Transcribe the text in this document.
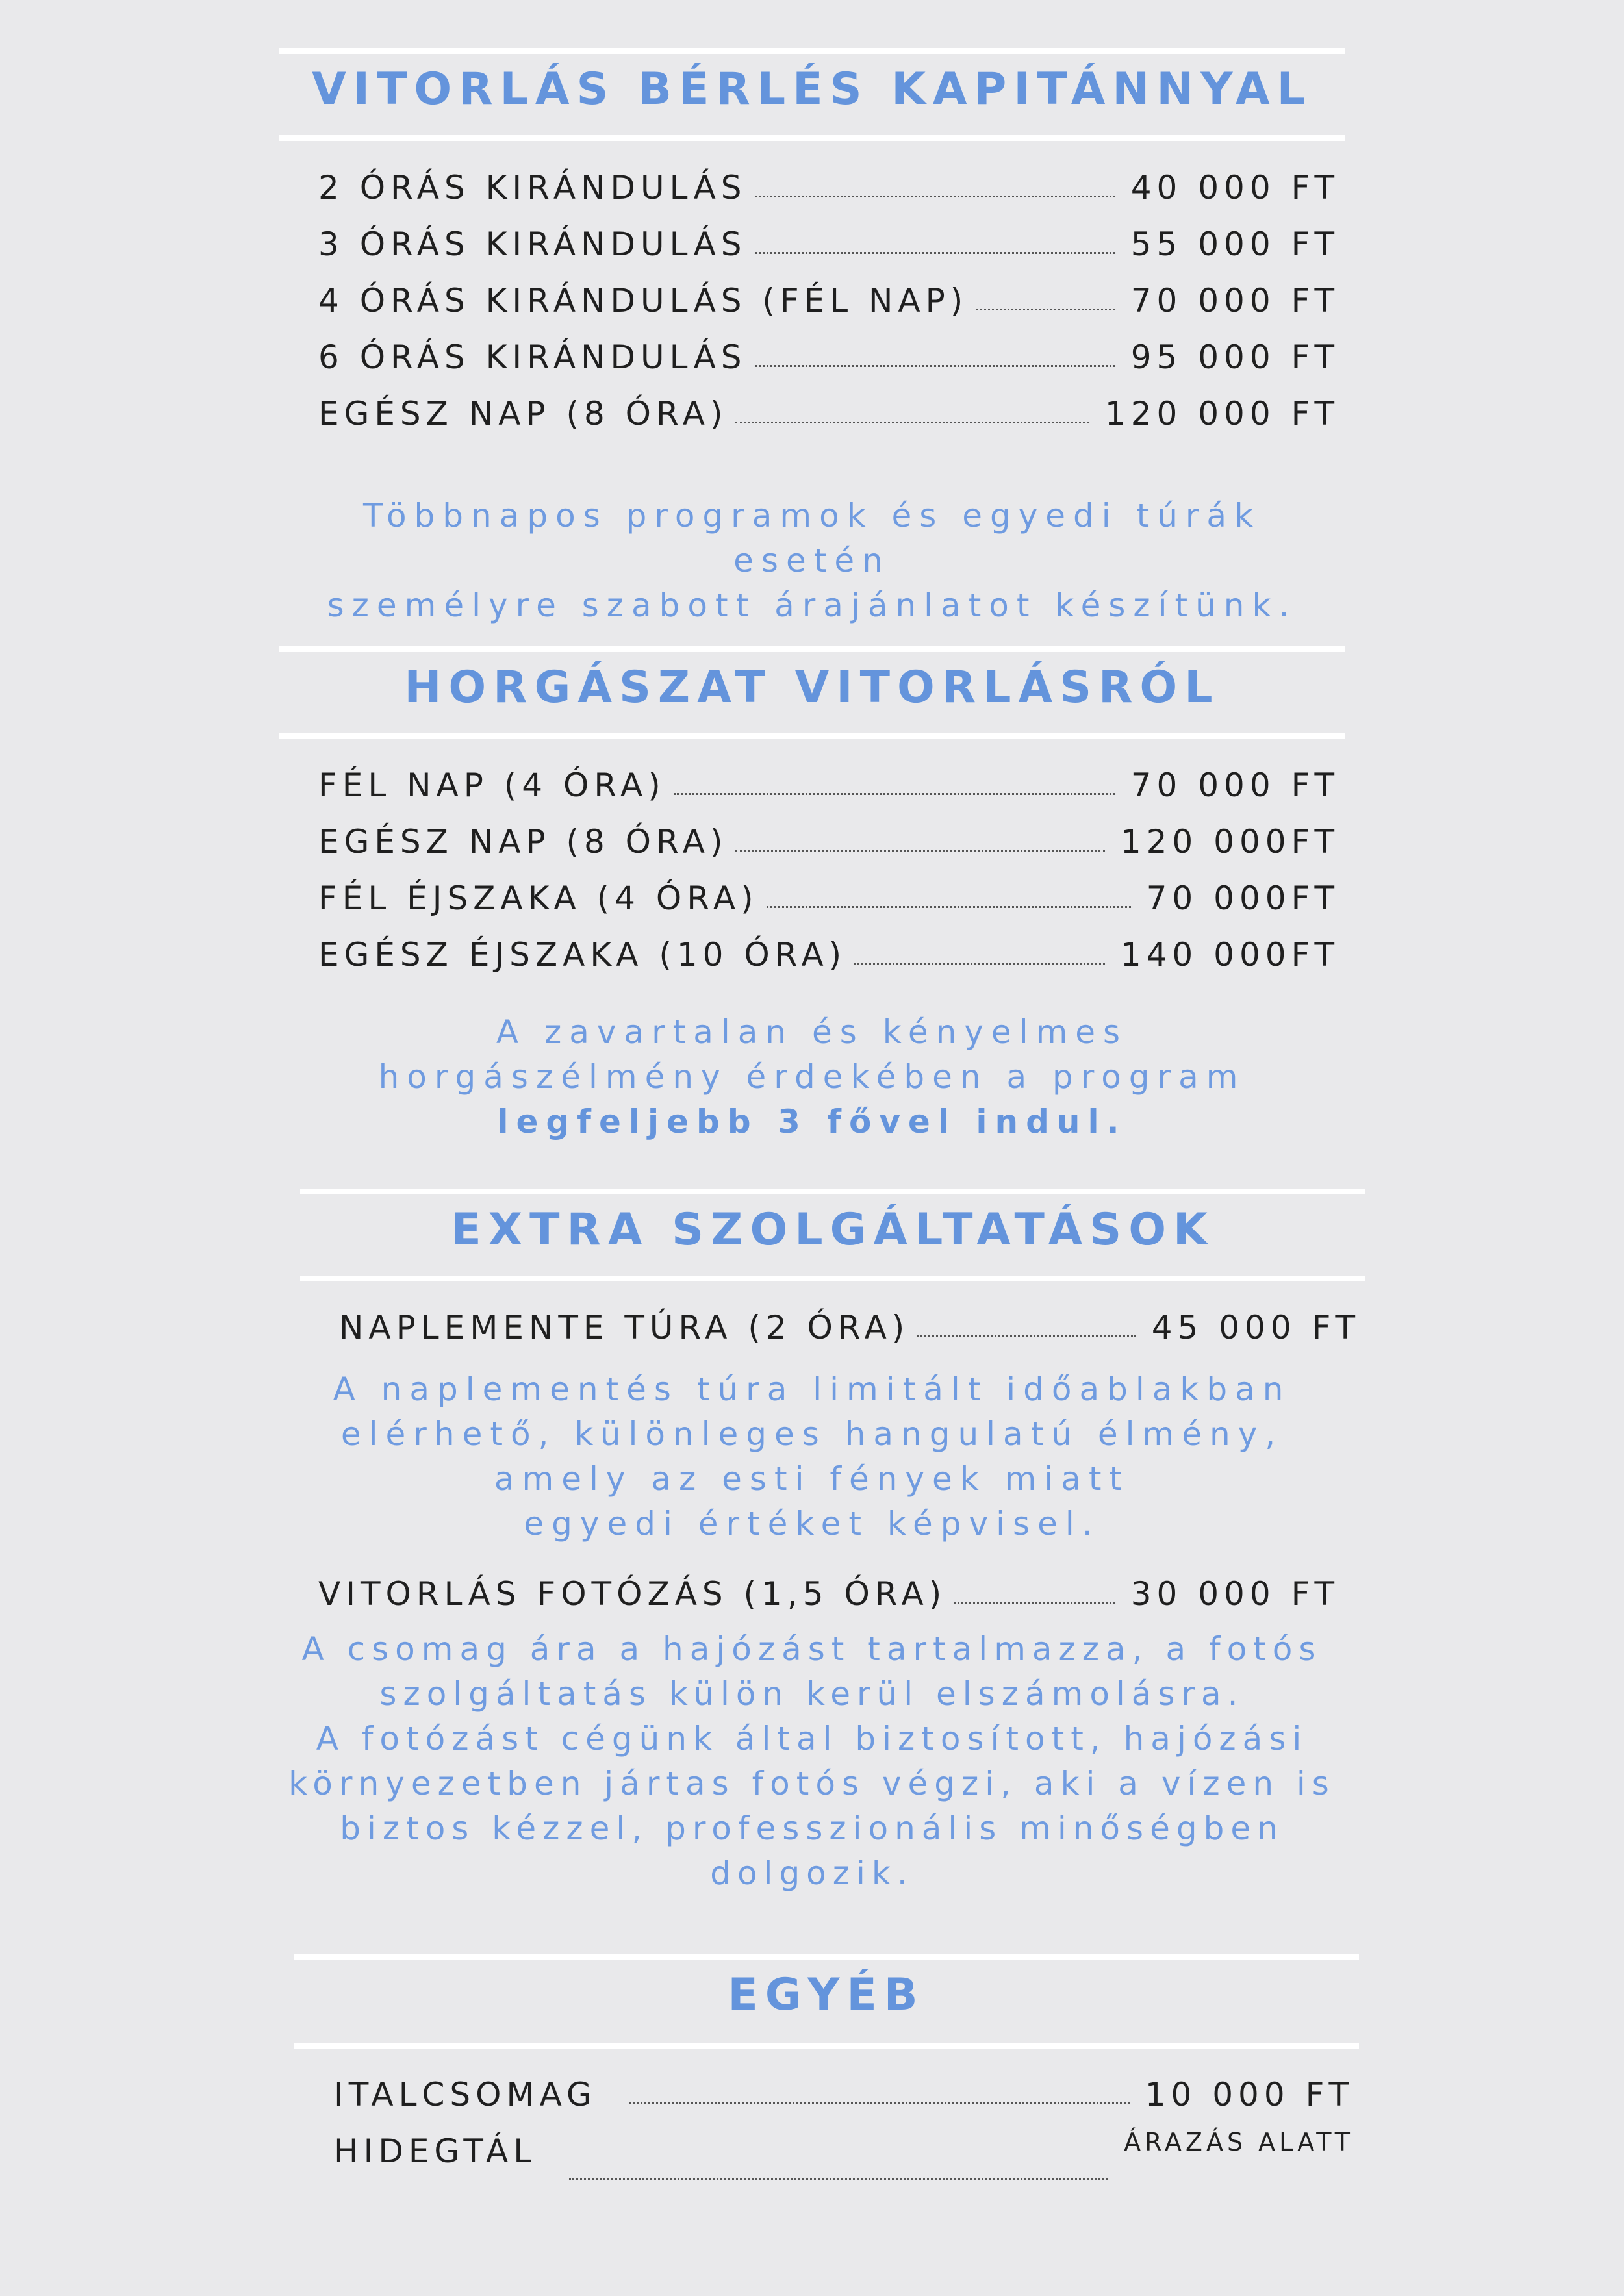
VITORLÁS BÉRLÉS KAPITÁNNYAL
2 ÓRÁS KIRÁNDULÁS	40 000 FT
3 ÓRÁS KIRÁNDULÁS	55 000 FT
4 ÓRÁS KIRÁNDULÁS (FÉL NAP)	70 000 FT
6 ÓRÁS KIRÁNDULÁS	95 000 FT
EGÉSZ NAP (8 ÓRA)	120 000 FT
Többnapos programok és egyedi túrák esetén
személyre szabott árajánlatot készítünk.
HORGÁSZAT VITORLÁSRÓL
FÉL NAP (4 ÓRA)	70 000 FT
EGÉSZ NAP (8 ÓRA)	120 000FT
FÉL ÉJSZAKA (4 ÓRA)	70 000FT
EGÉSZ ÉJSZAKA (10 ÓRA)	140 000FT
A zavartalan és kényelmes
horgászélmény érdekében a program
legfeljebb 3 fővel indul.
EXTRA SZOLGÁLTATÁSOK
NAPLEMENTE TÚRA (2 ÓRA)	45 000 FT
A naplementés túra limitált időablakban
elérhető, különleges hangulatú élmény,
amely az esti fények miatt
egyedi értéket képvisel.
VITORLÁS FOTÓZÁS (1,5 ÓRA)	30 000 FT
A csomag ára a hajózást tartalmazza, a fotós
szolgáltatás külön kerül elszámolásra.
A fotózást cégünk által biztosított, hajózási
környezetben jártas fotós végzi, aki a vízen is
biztos kézzel, professzionális minőségben
dolgozik.
EGYÉB
ITALCSOMAG	10 000 FT
HIDEGTÁL	ÁRAZÁS ALATT
